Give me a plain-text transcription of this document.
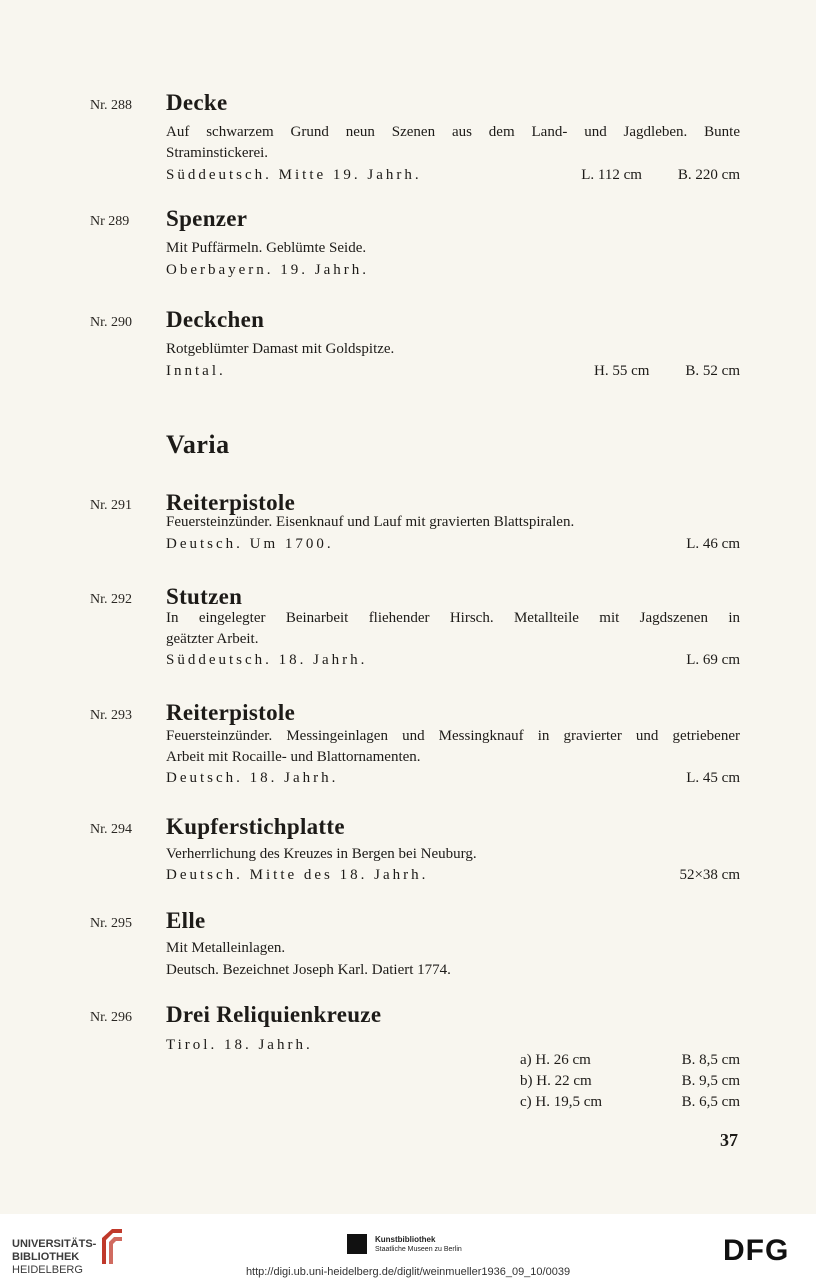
Nr. 288 Decke
Auf schwarzem Grund neun Szenen aus dem Land- und Jagdleben. Bunte
Straminstickerei.
Süddeutsch. Mitte 19. Jahrh.	L. 112 cm B. 220 cm
Nr 289 Spenzer
Mit Puffärmeln. Geblümte Seide.
Oberbayern. 19. Jahrh.
Nr. 290 Deckchen
Rotgeblümter Damast mit Goldspitze.
Inntal.	H. 55 cm B. 52 cm
Varia
Nr. 291 Reiterpistole
Feuersteinzünder. Eisenknauf und Lauf mit gravierten Blattspiralen.
Deutsch. Um 1700.	L. 46 cm
Nr. 292 Stutzen
In eingelegter Beinarbeit fliehender Hirsch. Metallteile mit Jagdszenen in
geätzter Arbeit.
Süddeutsch. 18. Jahrh.	L. 69 cm
Nr. 293 Reiterpistole
Feuersteinzünder. Messingeinlagen und Messingknauf in gravierter und getriebener
Arbeit mit Rocaille- und Blattornamenten.
Deutsch. 18. Jahrh.	L. 45 cm
Nr. 294 Kupferstichplatte
Verherrlichung des Kreuzes in Bergen bei Neuburg.
Deutsch. Mitte des 18. Jahrh.	52×38 cm
Nr. 295 Elle
Mit Metalleinlagen.
Deutsch. Bezeichnet Joseph Karl. Datiert 1774.
Nr. 296 Drei Reliquienkreuze
Tirol. 18. Jahrh.
a) H. 26 cm	B. 8,5 cm
b) H. 22 cm	B. 9,5 cm
c) H. 19,5 cm	B. 6,5 cm
37
UNIVERSITÄTS-
BIBLIOTHEK
HEIDELBERG
Kunstbibliothek
Staatliche Museen zu Berlin	DFG
http://digi.ub.uni-heidelberg.de/diglit/weinmueller1936_09_10/0039
